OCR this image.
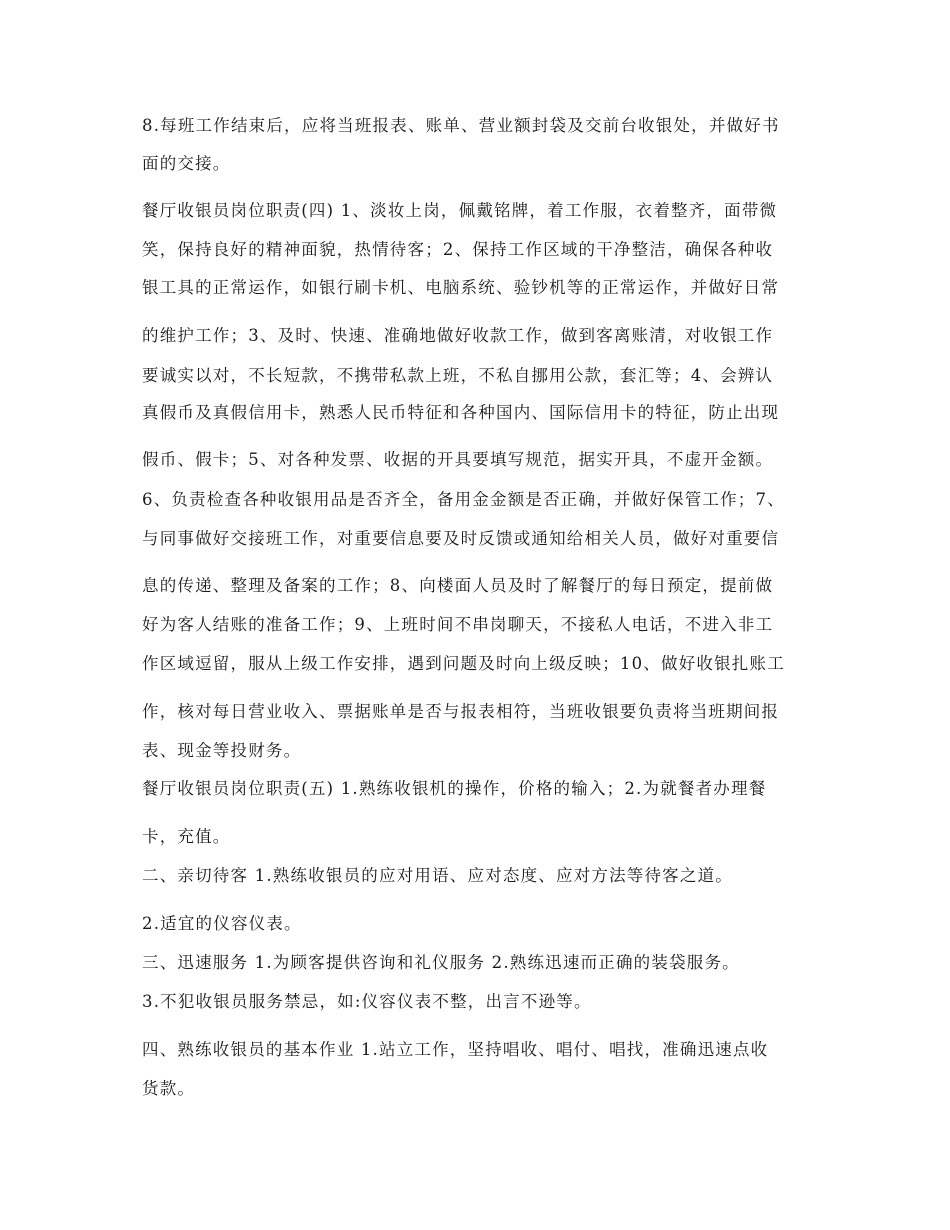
8.每班工作结束后，应将当班报表、账单、营业额封袋及交前台收银处，并做好书
面的交接。
餐厅收银员岗位职责(四) 1、淡妆上岗，佩戴铭牌，着工作服，衣着整齐，面带微
笑，保持良好的精神面貌，热情待客；2、保持工作区域的干净整洁，确保各种收
银工具的正常运作，如银行刷卡机、电脑系统、验钞机等的正常运作，并做好日常
的维护工作；3、及时、快速、准确地做好收款工作，做到客离账清，对收银工作
要诚实以对，不长短款，不携带私款上班，不私自挪用公款，套汇等；4、会辨认
真假币及真假信用卡，熟悉人民币特征和各种国内、国际信用卡的特征，防止出现
假币、假卡；5、对各种发票、收据的开具要填写规范，据实开具，不虚开金额。
6、负责检查各种收银用品是否齐全，备用金金额是否正确，并做好保管工作；7、
与同事做好交接班工作，对重要信息要及时反馈或通知给相关人员，做好对重要信
息的传递、整理及备案的工作；8、向楼面人员及时了解餐厅的每日预定，提前做
好为客人结账的准备工作；9、上班时间不串岗聊天，不接私人电话，不进入非工
作区域逗留，服从上级工作安排，遇到问题及时向上级反映；10、做好收银扎账工
作，核对每日营业收入、票据账单是否与报表相符，当班收银要负责将当班期间报
表、现金等投财务。
餐厅收银员岗位职责(五) 1.熟练收银机的操作，价格的输入；2.为就餐者办理餐
卡，充值。
二、亲切待客 1.熟练收银员的应对用语、应对态度、应对方法等待客之道。
2.适宜的仪容仪表。
三、迅速服务 1.为顾客提供咨询和礼仪服务 2.熟练迅速而正确的装袋服务。
3.不犯收银员服务禁忌，如:仪容仪表不整，出言不逊等。
四、熟练收银员的基本作业 1.站立工作，坚持唱收、唱付、唱找，准确迅速点收
货款。
